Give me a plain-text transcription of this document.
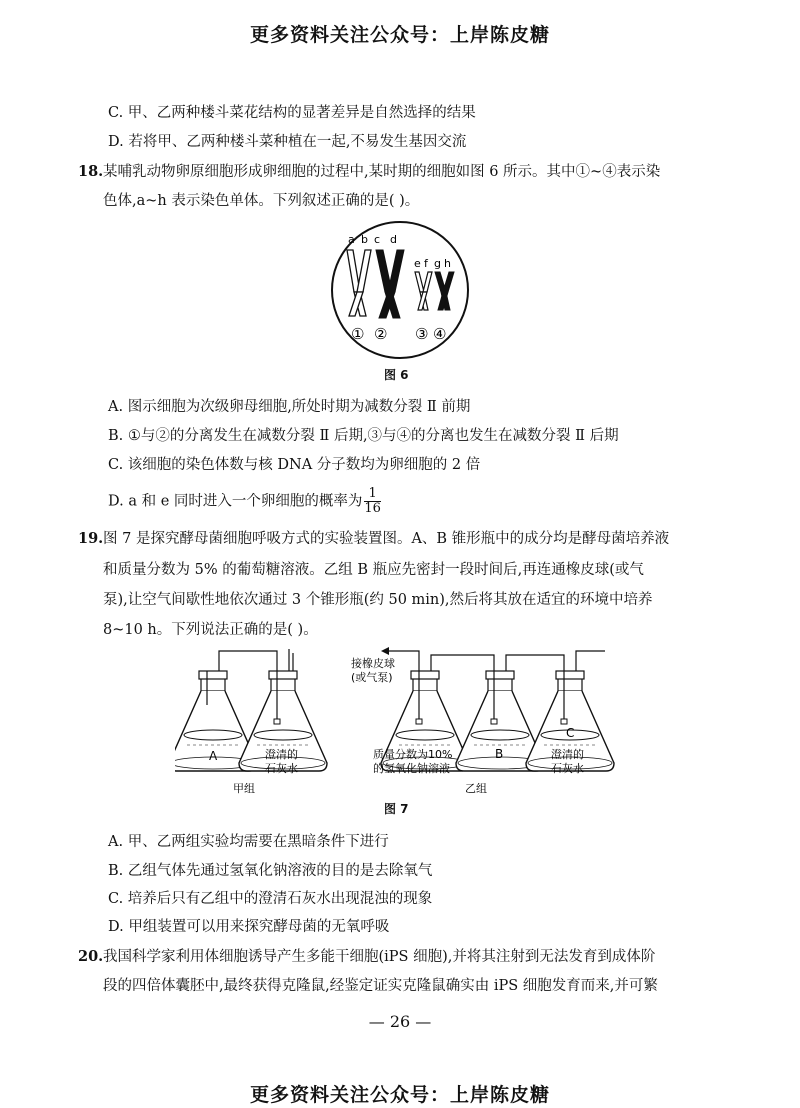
更多资料关注公众号：上岸陈皮糖
C. 甲、乙两种楼斗菜花结构的显著差异是自然选择的结果
D. 若将甲、乙两种楼斗菜种植在一起,不易发生基因交流
18. 某哺乳动物卵原细胞形成卵细胞的过程中,某时期的细胞如图 6 所示。其中①~④表示染
色体,a~h 表示染色单体。下列叙述正确的是( )。
a b c d
e f g h
① ② ③ ④
图 6
A. 图示细胞为次级卵母细胞,所处时期为减数分裂 Ⅱ 前期
B. ①与②的分离发生在减数分裂 Ⅱ 后期,③与④的分离也发生在减数分裂 Ⅱ 后期
C. 该细胞的染色体数与核 DNA 分子数均为卵细胞的 2 倍
D. a 和 e 同时进入一个卵细胞的概率为 $\frac{1}{16}$
19. 图 7 是探究酵母菌细胞呼吸方式的实验装置图。A、B 锥形瓶中的成分均是酵母菌培养液
和质量分数为 5% 的葡萄糖溶液。乙组 B 瓶应先密封一段时间后,再连通橡皮球(或气
泵),让空气间歇性地依次通过 3 个锥形瓶(约 50 min),然后将其放在适宜的环境中培养
8~10 h。下列说法正确的是( )。
A	澄清的
石灰水
甲组
接橡皮球
(或气泵)
质量分数为10%
的氢氧化钠溶液
B
C
澄清的
石灰水
乙组
图 7
A. 甲、乙两组实验均需要在黑暗条件下进行
B. 乙组气体先通过氢氧化钠溶液的目的是去除氧气
C. 培养后只有乙组中的澄清石灰水出现混浊的现象
D. 甲组装置可以用来探究酵母菌的无氧呼吸
20. 我国科学家利用体细胞诱导产生多能干细胞(iPS 细胞),并将其注射到无法发育到成体阶
段的四倍体囊胚中,最终获得克隆鼠,经鉴定证实克隆鼠确实由 iPS 细胞发育而来,并可繁
— 26 —
更多资料关注公众号：上岸陈皮糖
